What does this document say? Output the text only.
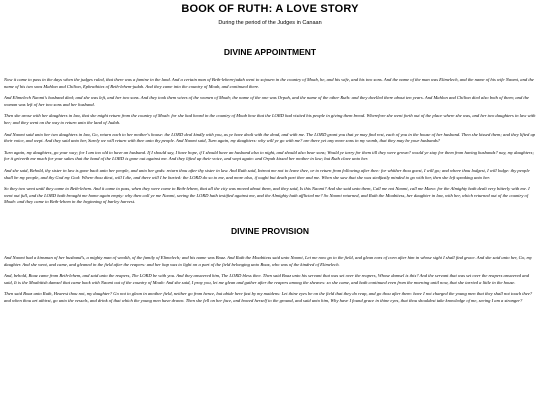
BOOK OF RUTH: A LOVE STORY

During the period of the Judges in Canaan

DIVINE APPOINTMENT

Now it came to pass in the days when the judges ruled, that there was a famine in the land. And a certain man of Beth-lehem-judah went to sojourn in the country of Moab, he, and his wife, and his two sons. And the name of the man was Elimelech, and the name of his wife Naomi, and the name of his two sons Mahlon and Chilion, Ephrathites of Beth-lehem-judah. And they came into the country of Moab, and continued there.

And Elimelech Naomi's husband died; and she was left, and her two sons. And they took them wives of the women of Moab; the name of the one was Orpah, and the name of the other Ruth: and they dwelled there about ten years. And Mahlon and Chilion died also both of them; and the woman was left of her two sons and her husband.

Then she arose with her daughters in law, that she might return from the country of Moab: for she had heard in the country of Moab how that the LORD had visited his people in giving them bread. Wherefore she went forth out of the place where she was, and her two daughters in law with her; and they went on the way to return unto the land of Judah.

And Naomi said unto her two daughters in law, Go, return each to her mother's house: the LORD deal kindly with you, as ye have dealt with the dead, and with me. The LORD grant you that ye may find rest, each of you in the house of her husband. Then she kissed them; and they lifted up their voice, and wept. And they said unto her, Surely we will return with thee unto thy people. And Naomi said, Turn again, my daughters: why will ye go with me? are there yet any more sons in my womb, that they may be your husbands?

Turn again, my daughters, go your way; for I am too old to have an husband. If I should say, I have hope, if I should have an husband also to night, and should also bear sons; Would ye tarry for them till they were grown? would ye stay for them from having husbands? nay, my daughters; for it grieveth me much for your sakes that the hand of the LORD is gone out against me. And they lifted up their voice, and wept again: and Orpah kissed her mother in law; but Ruth clave unto her.

And she said, Behold, thy sister in law is gone back unto her people, and unto her gods: return thou after thy sister in law. And Ruth said, Intreat me not to leave thee, or to return from following after thee: for whither thou goest, I will go; and where thou lodgest, I will lodge: thy people shall be my people, and thy God my God: Where thou diest, will I die, and there will I be buried: the LORD do so to me, and more also, if ought but death part thee and me. When she saw that she was stedfastly minded to go with her, then she left speaking unto her.

So they two went until they came to Beth-lehem. And it came to pass, when they were come to Beth-lehem, that all the city was moved about them, and they said, Is this Naomi? And she said unto them, Call me not Naomi, call me Mara: for the Almighty hath dealt very bitterly with me. I went out full, and the LORD hath brought me home again empty: why then call ye me Naomi, seeing the LORD hath testified against me, and the Almighty hath afflicted me? So Naomi returned, and Ruth the Moabitess, her daughter in law, with her, which returned out of the country of Moab: and they came to Beth-lehem in the beginning of barley harvest.

DIVINE PROVISION

And Naomi had a kinsman of her husband's, a mighty man of wealth, of the family of Elimelech; and his name was Boaz. And Ruth the Moabitess said unto Naomi, Let me now go to the field, and glean ears of corn after him in whose sight I shall find grace. And she said unto her, Go, my daughter. And she went, and came, and gleaned in the field after the reapers: and her hap was to light on a part of the field belonging unto Boaz, who was of the kindred of Elimelech.

And, behold, Boaz came from Beth-lehem, and said unto the reapers, The LORD be with you. And they answered him, The LORD bless thee. Then said Boaz unto his servant that was set over the reapers, Whose damsel is this? And the servant that was set over the reapers answered and said, It is the Moabitish damsel that came back with Naomi out of the country of Moab: And she said, I pray you, let me glean and gather after the reapers among the sheaves: so she came, and hath continued even from the morning until now, that she tarried a little in the house.

Then said Boaz unto Ruth, Hearest thou not, my daughter? Go not to glean in another field, neither go from hence, but abide here fast by my maidens: Let thine eyes be on the field that they do reap, and go thou after them: have I not charged the young men that they shall not touch thee? and when thou art athirst, go unto the vessels, and drink of that which the young men have drawn. Then she fell on her face, and bowed herself to the ground, and said unto him, Why have I found grace in thine eyes, that thou shouldest take knowledge of me, seeing I am a stranger?
